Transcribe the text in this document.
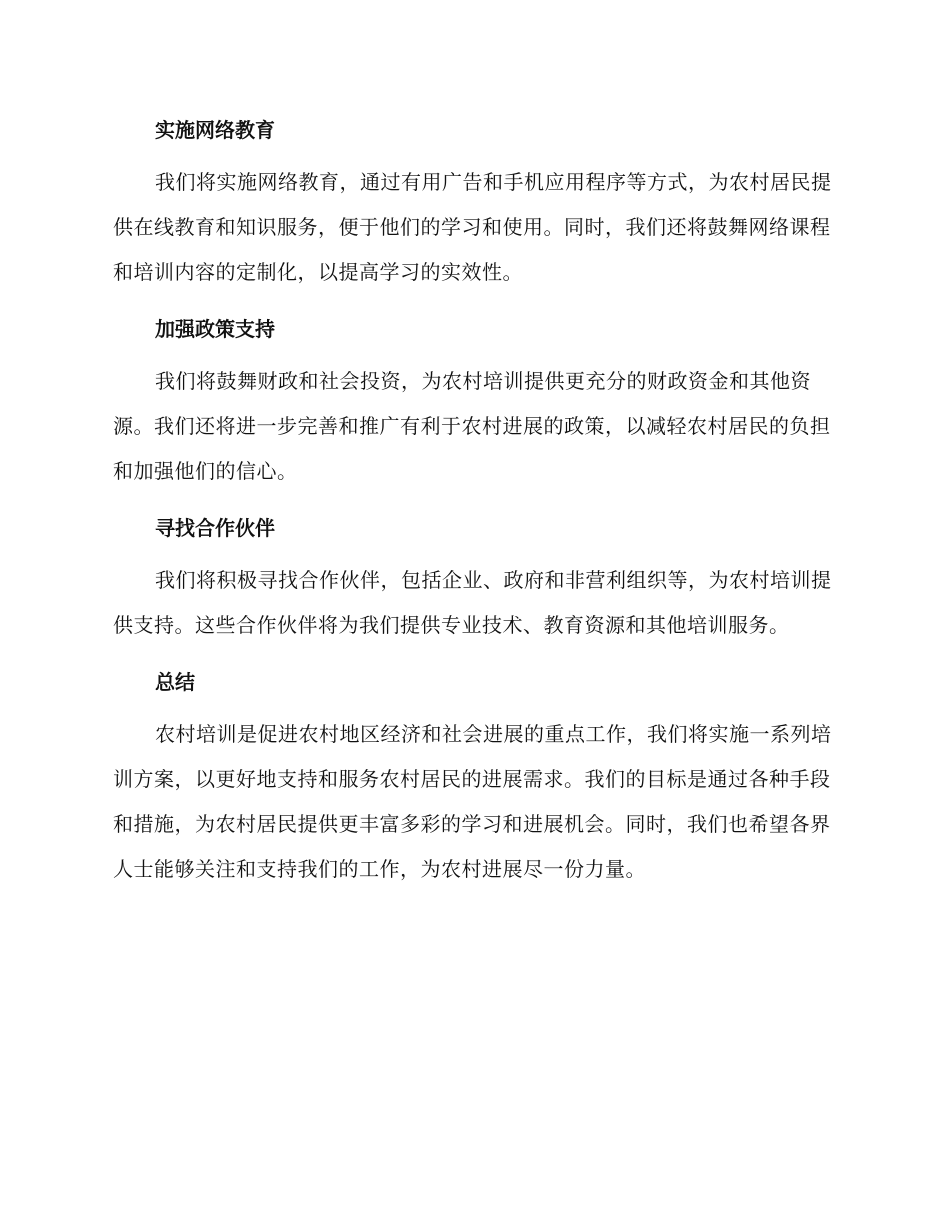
实施网络教育

我们将实施网络教育，通过有用广告和手机应用程序等方式，为农村居民提供在线教育和知识服务，便于他们的学习和使用。同时，我们还将鼓舞网络课程和培训内容的定制化，以提高学习的实效性。

加强政策支持

我们将鼓舞财政和社会投资，为农村培训提供更充分的财政资金和其他资源。我们还将进一步完善和推广有利于农村进展的政策，以减轻农村居民的负担和加强他们的信心。

寻找合作伙伴

我们将积极寻找合作伙伴，包括企业、政府和非营利组织等，为农村培训提供支持。这些合作伙伴将为我们提供专业技术、教育资源和其他培训服务。

总结

农村培训是促进农村地区经济和社会进展的重点工作，我们将实施一系列培训方案，以更好地支持和服务农村居民的进展需求。我们的目标是通过各种手段和措施，为农村居民提供更丰富多彩的学习和进展机会。同时，我们也希望各界人士能够关注和支持我们的工作，为农村进展尽一份力量。
